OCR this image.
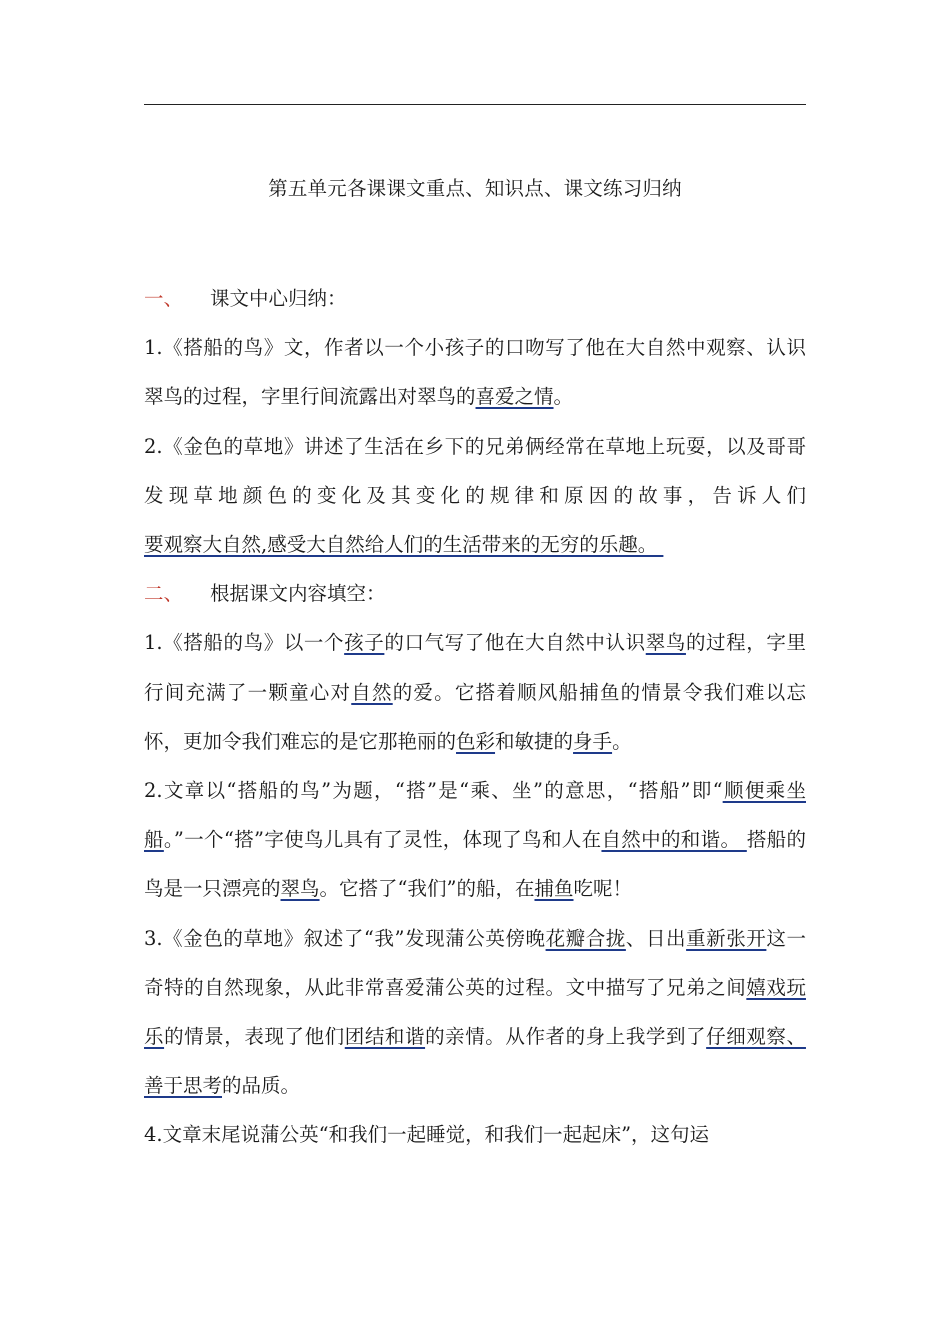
第五单元各课课文重点、知识点、课文练习归纳

一、 课文中心归纳：

1.《搭船的鸟》文，作者以一个小孩子的口吻写了他在大自然中观察、认识翠鸟的过程，字里行间流露出对翠鸟的喜爱之情。

2.《金色的草地》讲述了生活在乡下的兄弟俩经常在草地上玩耍，以及哥哥发现草地颜色的变化及其变化的规律和原因的故事，告诉人们要观察大自然,感受大自然给人们的生活带来的无穷的乐趣。

二、 根据课文内容填空：

1.《搭船的鸟》以一个孩子的口气写了他在大自然中认识翠鸟的过程，字里行间充满了一颗童心对自然的爱。它搭着顺风船捕鱼的情景令我们难以忘怀，更加令我们难忘的是它那艳丽的色彩和敏捷的身手。

2.文章以“搭船的鸟”为题，“搭”是“乘、坐”的意思，“搭船”即“顺便乘坐船。”一个“搭”字使鸟儿具有了灵性，体现了鸟和人在自然中的和谐。 搭船的鸟是一只漂亮的翠鸟。它搭了“我们”的船，在捕鱼吃呢！

3.《金色的草地》叙述了“我”发现蒲公英傍晚花瓣合拢、日出重新张开这一奇特的自然现象，从此非常喜爱蒲公英的过程。文中描写了兄弟之间嬉戏玩乐的情景，表现了他们团结和谐的亲情。从作者的身上我学到了仔细观察、善于思考的品质。

4.文章末尾说蒲公英“和我们一起睡觉，和我们一起起床”，这句运
